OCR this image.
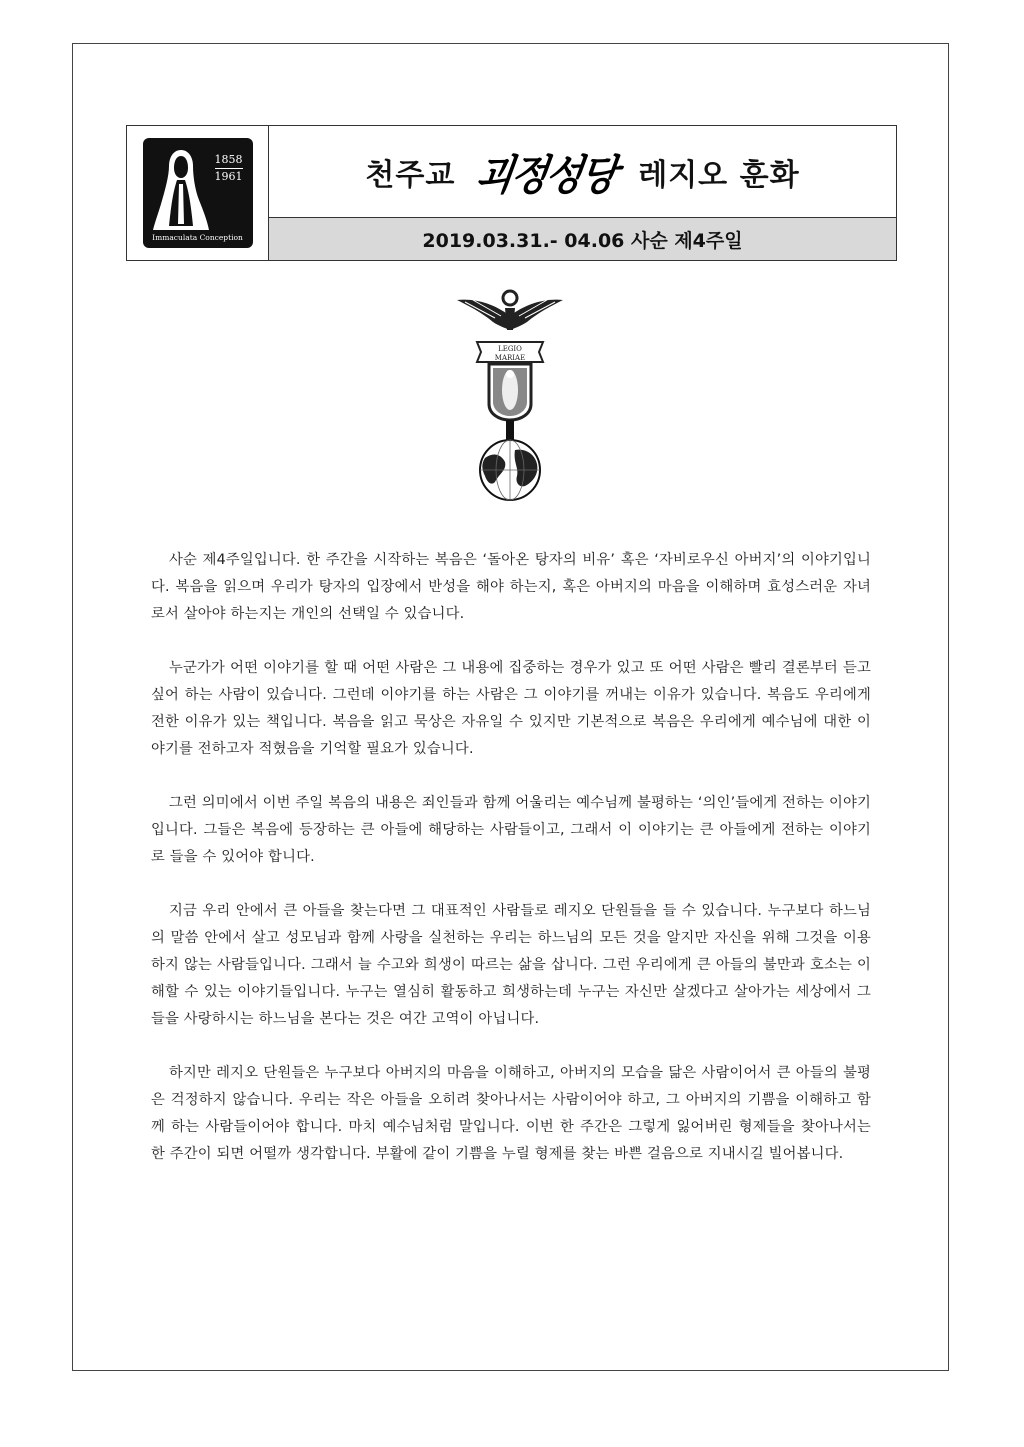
1858
1961
Immaculata Conception
천주교 괴정성당 레지오 훈화
2019.03.31.- 04.06 사순 제4주일
LEGIO
MARIAE

사순 제4주일입니다. 한 주간을 시작하는 복음은 ‘돌아온 탕자의 비유’ 혹은 ‘자비로우신 아버지’의 이야기입니다. 복음을 읽으며 우리가 탕자의 입장에서 반성을 해야 하는지, 혹은 아버지의 마음을 이해하며 효성스러운 자녀로서 살아야 하는지는 개인의 선택일 수 있습니다.

누군가가 어떤 이야기를 할 때 어떤 사람은 그 내용에 집중하는 경우가 있고 또 어떤 사람은 빨리 결론부터 듣고 싶어 하는 사람이 있습니다. 그런데 이야기를 하는 사람은 그 이야기를 꺼내는 이유가 있습니다. 복음도 우리에게 전한 이유가 있는 책입니다. 복음을 읽고 묵상은 자유일 수 있지만 기본적으로 복음은 우리에게 예수님에 대한 이야기를 전하고자 적혔음을 기억할 필요가 있습니다.

그런 의미에서 이번 주일 복음의 내용은 죄인들과 함께 어울리는 예수님께 불평하는 ‘의인’들에게 전하는 이야기입니다. 그들은 복음에 등장하는 큰 아들에 해당하는 사람들이고, 그래서 이 이야기는 큰 아들에게 전하는 이야기로 들을 수 있어야 합니다.

지금 우리 안에서 큰 아들을 찾는다면 그 대표적인 사람들로 레지오 단원들을 들 수 있습니다. 누구보다 하느님의 말씀 안에서 살고 성모님과 함께 사랑을 실천하는 우리는 하느님의 모든 것을 알지만 자신을 위해 그것을 이용하지 않는 사람들입니다. 그래서 늘 수고와 희생이 따르는 삶을 삽니다. 그런 우리에게 큰 아들의 불만과 호소는 이해할 수 있는 이야기들입니다. 누구는 열심히 활동하고 희생하는데 누구는 자신만 살겠다고 살아가는 세상에서 그들을 사랑하시는 하느님을 본다는 것은 여간 고역이 아닙니다.

하지만 레지오 단원들은 누구보다 아버지의 마음을 이해하고, 아버지의 모습을 닮은 사람이어서 큰 아들의 불평은 걱정하지 않습니다. 우리는 작은 아들을 오히려 찾아나서는 사람이어야 하고, 그 아버지의 기쁨을 이해하고 함께 하는 사람들이어야 합니다. 마치 예수님처럼 말입니다. 이번 한 주간은 그렇게 잃어버린 형제들을 찾아나서는 한 주간이 되면 어떨까 생각합니다. 부활에 같이 기쁨을 누릴 형제를 찾는 바쁜 걸음으로 지내시길 빌어봅니다.
